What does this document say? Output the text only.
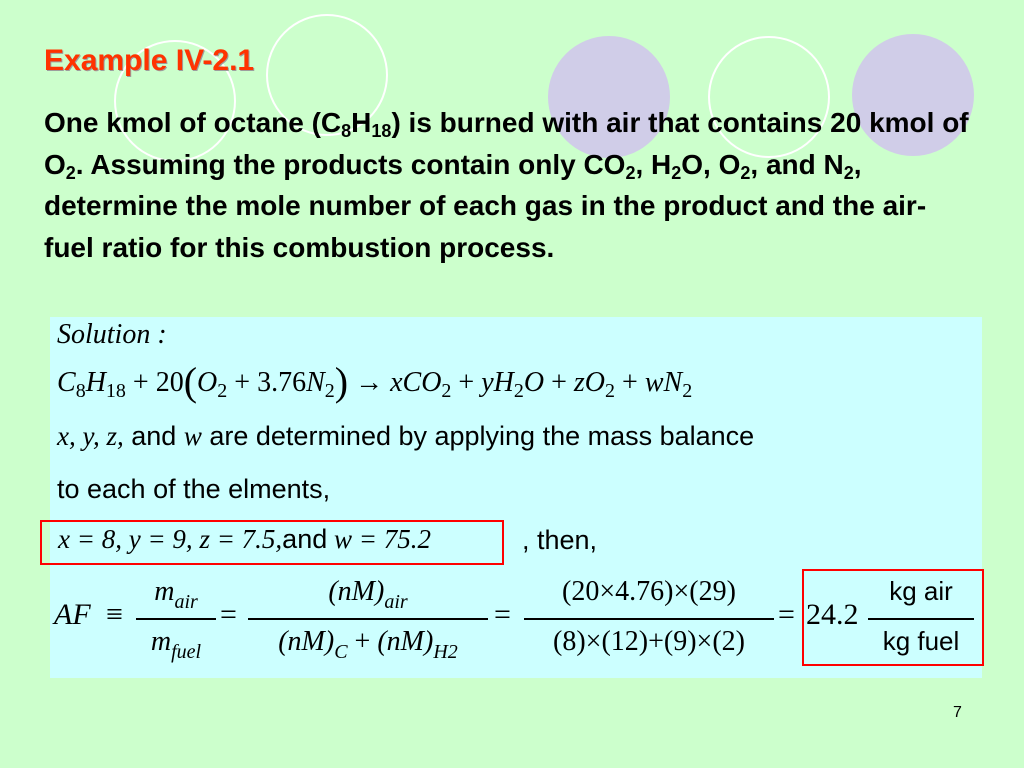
Example IV-2.1
One kmol of octane $(C_8H_{18})$ is burned with air that contains 20 kmol of $O_2$. Assuming the products contain only $CO_2$, $H_2O$, $O_2$, and $N_2$, determine the mole number of each gas in the product and the air-fuel ratio for this combustion process.
Solution :
$C_8H_{18} + 20(O_2 + 3.76N_2) \to xCO_2 + yH_2O + zO_2 + wN_2$
x, y, z, and w are determined by applying the mass balance
to each of the elments,
, then,
x = 8, y = 9, z = 7.5,and w = 75.2
AF ≡
$m_{air}$
$m_{fuel}$
=
$(nM)_{air}$
$(nM)_C + (nM)_{H2}$
=
(20×4.76)×(29)
(8)×(12)+(9)×(2)
= 24.2
kg air
kg fuel
7
